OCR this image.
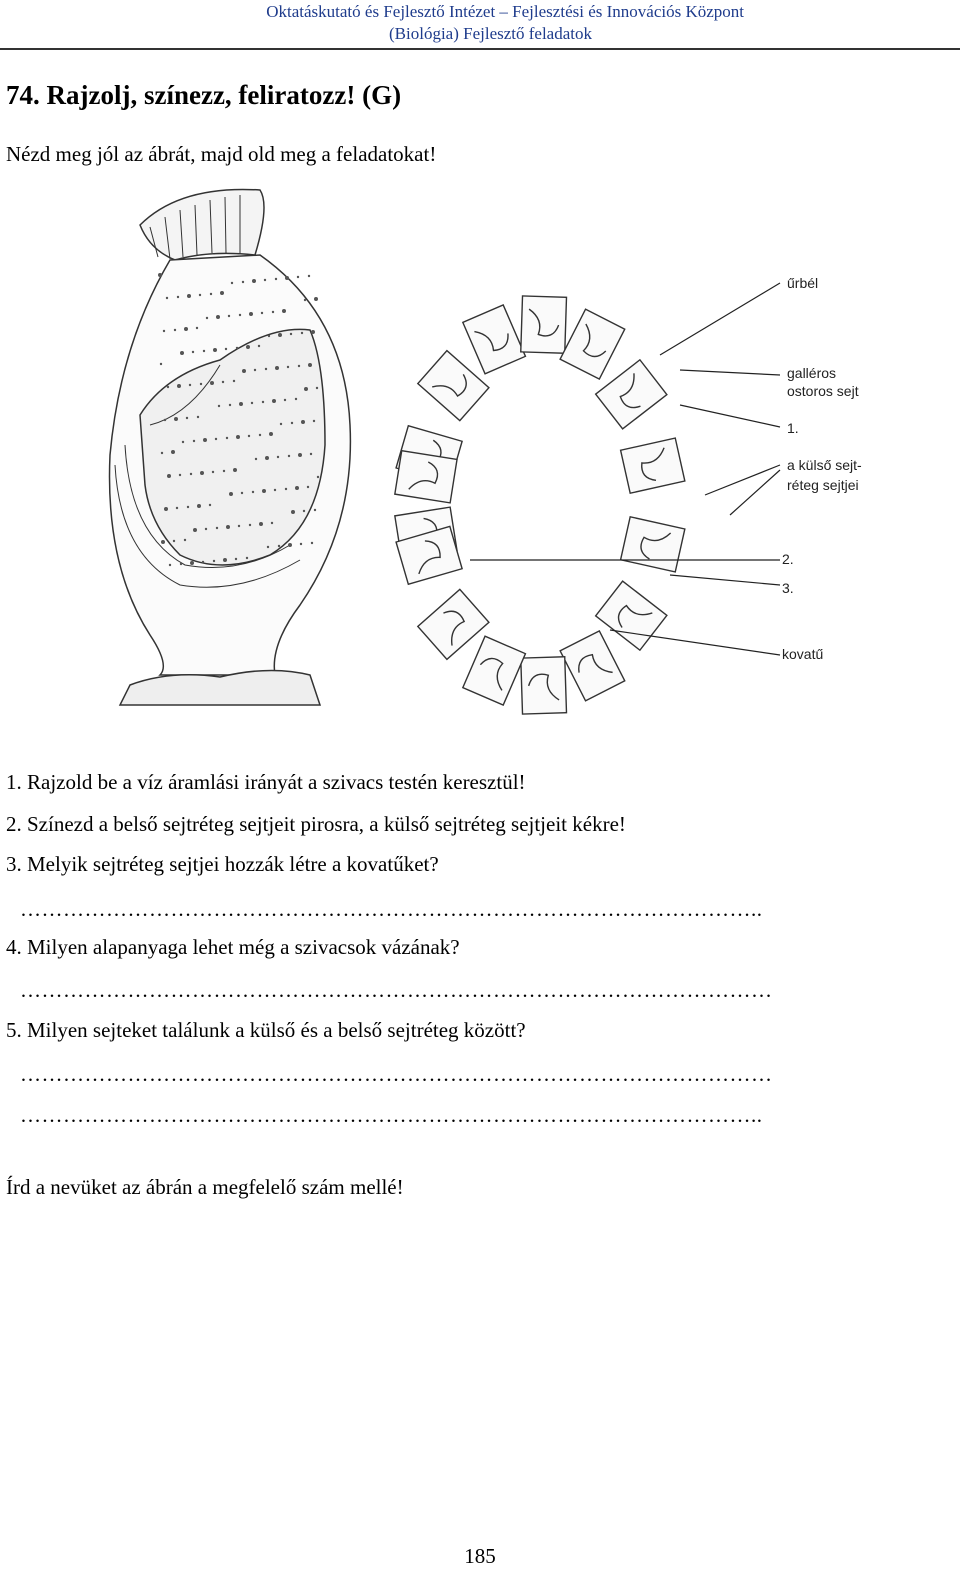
Oktatáskutató és Fejlesztő Intézet – Fejlesztési és Innovációs Központ
(Biológia) Fejlesztő feladatok
74. Rajzolj, színezz, feliratozz! (G)
Nézd meg jól az ábrát, majd old meg a feladatokat!
űrbél
galléros
ostoros sejt
1.
a külső sejt-
réteg sejtjei
2.
3.
kovatű
1. Rajzold be a víz áramlási irányát a szivacs testén keresztül!
2. Színezd a belső sejtréteg sejtjeit pirosra, a külső sejtréteg sejtjeit kékre!
3. Melyik sejtréteg sejtjei hozzák létre a kovatűket?
…………………………………………………………………………………………..
4. Milyen alapanyaga lehet még a szivacsok vázának?
……………………………………………………………………………………………
5. Milyen sejteket találunk a külső és a belső sejtréteg között?
……………………………………………………………………………………………
…………………………………………………………………………………………..
Írd a nevüket az ábrán a megfelelő szám mellé!
185
